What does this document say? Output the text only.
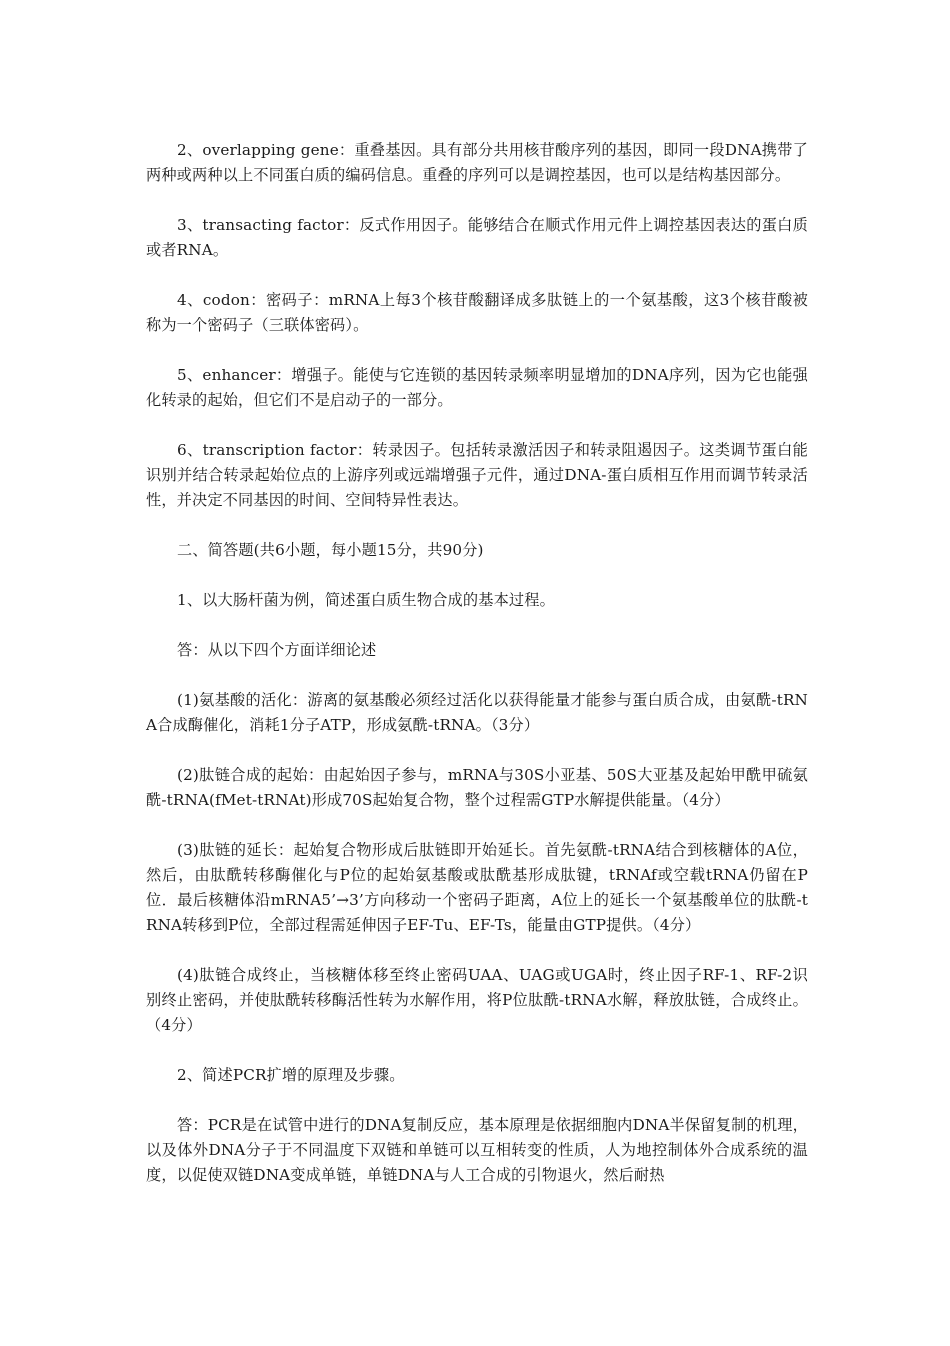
2、overlapping gene：重叠基因。具有部分共用核苷酸序列的基因，即同一段DNA携带了两种或两种以上不同蛋白质的编码信息。重叠的序列可以是调控基因，也可以是结构基因部分。

3、transacting factor：反式作用因子。能够结合在顺式作用元件上调控基因表达的蛋白质或者RNA。

4、codon：密码子：mRNA上每3个核苷酸翻译成多肽链上的一个氨基酸，这3个核苷酸被称为一个密码子（三联体密码）。

5、enhancer：增强子。能使与它连锁的基因转录频率明显增加的DNA序列，因为它也能强化转录的起始，但它们不是启动子的一部分。

6、transcription factor：转录因子。包括转录激活因子和转录阻遏因子。这类调节蛋白能识别并结合转录起始位点的上游序列或远端增强子元件，通过DNA-蛋白质相互作用而调节转录活性，并决定不同基因的时间、空间特异性表达。

二、简答题(共6小题，每小题15分，共90分)

1、以大肠杆菌为例，简述蛋白质生物合成的基本过程。

答：从以下四个方面详细论述

(1)氨基酸的活化：游离的氨基酸必须经过活化以获得能量才能参与蛋白质合成，由氨酰-tRNA合成酶催化，消耗1分子ATP，形成氨酰-tRNA。（3分）

(2)肽链合成的起始：由起始因子参与，mRNA与30S小亚基、50S大亚基及起始甲酰甲硫氨酰-tRNA(fMet-tRNAt)形成70S起始复合物，整个过程需GTP水解提供能量。（4分）

(3)肽链的延长：起始复合物形成后肽链即开始延长。首先氨酰-tRNA结合到核糖体的A位，然后，由肽酰转移酶催化与P位的起始氨基酸或肽酰基形成肽键，tRNAf或空载tRNA仍留在P位．最后核糖体沿mRNA5’→3’方向移动一个密码子距离，A位上的延长一个氨基酸单位的肽酰-tRNA转移到P位，全部过程需延伸因子EF-Tu、EF-Ts，能量由GTP提供。（4分）

(4)肽链合成终止，当核糖体移至终止密码UAA、UAG或UGA时，终止因子RF-1、RF-2识别终止密码，并使肽酰转移酶活性转为水解作用，将P位肽酰-tRNA水解，释放肽链，合成终止。（4分）

2、简述PCR扩增的原理及步骤。

答：PCR是在试管中进行的DNA复制反应，基本原理是依据细胞内DNA半保留复制的机理，以及体外DNA分子于不同温度下双链和单链可以互相转变的性质，人为地控制体外合成系统的温度，以促使双链DNA变成单链，单链DNA与人工合成的引物退火，然后耐热
